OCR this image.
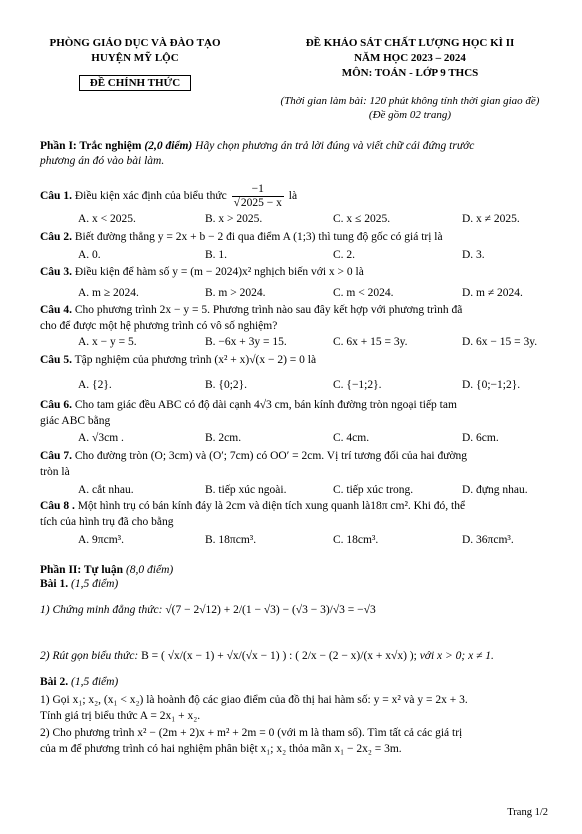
PHÒNG GIÁO DỤC VÀ ĐÀO TẠO
HUYỆN MỸ LỘC
ĐỀ CHÍNH THỨC
ĐỀ KHẢO SÁT CHẤT LƯỢNG HỌC KÌ II
NĂM HỌC 2023 – 2024
MÔN: TOÁN - LỚP 9 THCS
(Thời gian làm bài: 120 phút không tính thời gian giao đề)
(Đề gồm 02 trang)
Phần I: Trắc nghiệm (2,0 điểm) Hãy chọn phương án trả lời đúng và viết chữ cái đứng trước
phương án đó vào bài làm.
Câu 1. Điều kiện xác định của biểu thức $\frac{-1}{√2025 - x}$ là
A. x < 2025.	B. x > 2025.	C. x ≤ 2025.	D. x ≠ 2025.
Câu 2. Biết đường thẳng y = 2x + b − 2 đi qua điểm A (1;3) thì tung độ gốc có giá trị là
A. 0.	B. 1.	C. 2.	D. 3.
Câu 3. Điều kiện để hàm số y = (m − 2024)x² nghịch biến với x > 0 là
A. m ≥ 2024.	B. m > 2024.	C. m < 2024.	D. m ≠ 2024.
Câu 4. Cho phương trình 2x − y = 5. Phương trình nào sau đây kết hợp với phương trình đã
cho để được một hệ phương trình có vô số nghiệm?
A. x − y = 5.	B. −6x + 3y = 15.	C. 6x + 15 = 3y.	D. 6x − 15 = 3y.
Câu 5. Tập nghiệm của phương trình (x² + x)√(x − 2) = 0 là
A. {2}.	B. {0;2}.	C. {−1;2}.	D. {0;−1;2}.
Câu 6. Cho tam giác đều ABC có độ dài cạnh 4√3 cm, bán kính đường tròn ngoại tiếp tam
giác ABC bằng
A. √3cm .	B. 2cm.	C. 4cm.	D. 6cm.
Câu 7. Cho đường tròn (O; 3cm) và (O′; 7cm) có OO′ = 2cm. Vị trí tương đối của hai đường
tròn là
A. cắt nhau.	B. tiếp xúc ngoài.	C. tiếp xúc trong.	D. đựng nhau.
Câu 8 . Một hình trụ có bán kính đáy là 2cm và diện tích xung quanh là18π cm². Khi đó, thể
tích của hình trụ đã cho bằng
A. 9πcm³.	B. 18πcm³.	C. 18cm³.	D. 36πcm³.
Phần II: Tự luận (8,0 điểm)
Bài 1. (1,5 điểm)
1) Chứng minh đẳng thức: √(7 − 2√12) + 2/(1 − √3) − (√3 − 3)/√3 = −√3
2) Rút gọn biểu thức: B = ( √x/(x − 1) + √x/(√x − 1) ) : ( 2/x − (2 − x)/(x + x√x) ); với x > 0; x ≠ 1.
Bài 2. (1,5 điểm)
1) Gọi x₁; x₂, (x₁ < x₂) là hoành độ các giao điểm của đồ thị hai hàm số: y = x² và y = 2x + 3.
Tính giá trị biểu thức A = 2x₁ + x₂.
2) Cho phương trình x² − (2m + 2)x + m² + 2m = 0 (với m là tham số). Tìm tất cả các giá trị
của m để phương trình có hai nghiệm phân biệt x₁; x₂ thỏa mãn x₁ − 2x₂ = 3m.
Trang 1/2
